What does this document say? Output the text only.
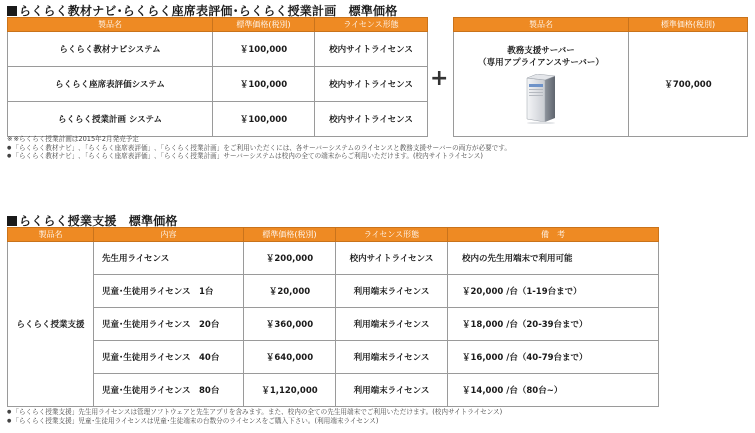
らくらく教材ナビ･らくらく座席表評価･らくらく授業計画　標準価格
製品名	標準価格(税別)	ライセンス形態
らくらく教材ナビシステム	￥100,000	校内サイトライセンス
らくらく座席表評価システム	￥100,000	校内サイトライセンス
らくらく授業計画 システム	￥100,000	校内サイトライセンス
+
製品名	標準価格(税別)

教務支援サーバー
（専用アプライアンスサーバー）	￥700,000
※ ※らくらく授業計画は2015年2月発売予定
● 「らくらく教材ナビ」､「らくらく座席表評価」､「らくらく授業計画」をご利用いただくには、各サーバーシステムのライセンスと教務支援サーバーの両方が必要です。
● 「らくらく教材ナビ」､「らくらく座席表評価」､「らくらく授業計画」サーバーシステムは校内の全ての端末からご利用いただけます。(校内サイトライセンス)
らくらく授業支援　標準価格
製品名	内容	標準価格(税別)	ライセンス形態	備　考
らくらく授業支援	先生用ライセンス	￥200,000	校内サイトライセンス	校内の先生用端末で利用可能
	児童･生徒用ライセンス　1台	￥20,000	利用端末ライセンス	￥20,000 /台（1-19台まで）
	児童･生徒用ライセンス　20台	￥360,000	利用端末ライセンス	￥18,000 /台（20-39台まで）
	児童･生徒用ライセンス　40台	￥640,000	利用端末ライセンス	￥16,000 /台（40-79台まで）
	児童･生徒用ライセンス　80台	￥1,120,000	利用端末ライセンス	￥14,000 /台（80台~）
● 「らくらく授業支援」先生用ライセンスは管理ソフトウェアと先生アプリを含みます。また、校内の全ての先生用端末でご利用いただけます。(校内サイトライセンス)
● 「らくらく授業支援」児童･生徒用ライセンスは児童･生徒端末の台数分のライセンスをご購入下さい。(利用端末ライセンス)
